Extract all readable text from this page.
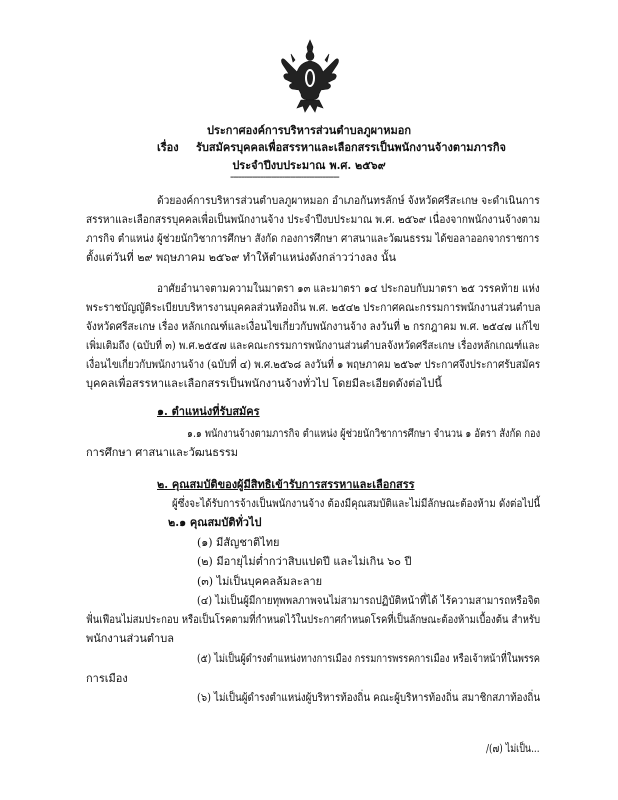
ประกาศองค์การบริหารส่วนตำบลภูผาหมอก
เรื่อง รับสมัครบุคคลเพื่อสรรหาและเลือกสรรเป็นพนักงานจ้างตามภารกิจ
ประจำปีงบประมาณ พ.ศ. ๒๕๖๙
----------------------------------------
ด้วยองค์การบริหารส่วนตำบลภูผาหมอก อำเภอกันทรลักษ์ จังหวัดศรีสะเกษ จะดำเนินการ
สรรหาและเลือกสรรบุคคลเพื่อเป็นพนักงานจ้าง ประจำปีงบประมาณ พ.ศ. ๒๕๖๙ เนื่องจากพนักงานจ้างตาม
ภารกิจ ตำแหน่ง ผู้ช่วยนักวิชาการศึกษา สังกัด กองการศึกษา ศาสนาและวัฒนธรรม ได้ขอลาออกจากราชการ
ตั้งแต่วันที่ ๒๙ พฤษภาคม ๒๕๖๙ ทำให้ตำแหน่งดังกล่าวว่างลง นั้น
อาศัยอำนาจตามความในมาตรา ๑๓ และมาตรา ๑๔ ประกอบกับมาตรา ๒๕ วรรคท้าย แห่ง
พระราชบัญญัติระเบียบบริหารงานบุคคลส่วนท้องถิ่น พ.ศ. ๒๕๔๒ ประกาศคณะกรรมการพนักงานส่วนตำบล
จังหวัดศรีสะเกษ เรื่อง หลักเกณฑ์และเงื่อนไขเกี่ยวกับพนักงานจ้าง ลงวันที่ ๒ กรกฎาคม พ.ศ. ๒๕๔๗ แก้ไข
เพิ่มเติมถึง (ฉบับที่ ๓) พ.ศ.๒๕๕๗ และคณะกรรมการพนักงานส่วนตำบลจังหวัดศรีสะเกษ เรื่องหลักเกณฑ์และ
เงื่อนไขเกี่ยวกับพนักงานจ้าง (ฉบับที่ ๔) พ.ศ.๒๕๖๘ ลงวันที่ ๑ พฤษภาคม ๒๕๖๙ ประกาศจึงประกาศรับสมัคร
บุคคลเพื่อสรรหาและเลือกสรรเป็นพนักงานจ้างทั่วไป โดยมีละเอียดดังต่อไปนี้
๑. ตำแหน่งที่รับสมัคร
๑.๑ พนักงานจ้างตามภารกิจ ตำแหน่ง ผู้ช่วยนักวิชาการศึกษา จำนวน ๑ อัตรา สังกัด กอง
การศึกษา ศาสนาและวัฒนธรรม
๒. คุณสมบัติของผู้มีสิทธิเข้ารับการสรรหาและเลือกสรร
ผู้ซึ่งจะได้รับการจ้างเป็นพนักงานจ้าง ต้องมีคุณสมบัติและไม่มีลักษณะต้องห้าม ดังต่อไปนี้
๒.๑ คุณสมบัติทั่วไป
(๑) มีสัญชาติไทย
(๒) มีอายุไม่ต่ำกว่าสิบแปดปี และไม่เกิน ๖๐ ปี
(๓) ไม่เป็นบุคคลล้มละลาย
(๔) ไม่เป็นผู้มีกายทุพพลภาพจนไม่สามารถปฏิบัติหน้าที่ได้ ไร้ความสามารถหรือจิต
ฟั่นเฟือนไม่สมประกอบ หรือเป็นโรคตามที่กำหนดไว้ในประกาศกำหนดโรคที่เป็นลักษณะต้องห้ามเบื้องต้น สำหรับ
พนักงานส่วนตำบล
(๕) ไม่เป็นผู้ดำรงตำแหน่งทางการเมือง กรรมการพรรคการเมือง หรือเจ้าหน้าที่ในพรรค
การเมือง
(๖) ไม่เป็นผู้ดำรงตำแหน่งผู้บริหารท้องถิ่น คณะผู้บริหารท้องถิ่น สมาชิกสภาท้องถิ่น
/(๗) ไม่เป็น...
